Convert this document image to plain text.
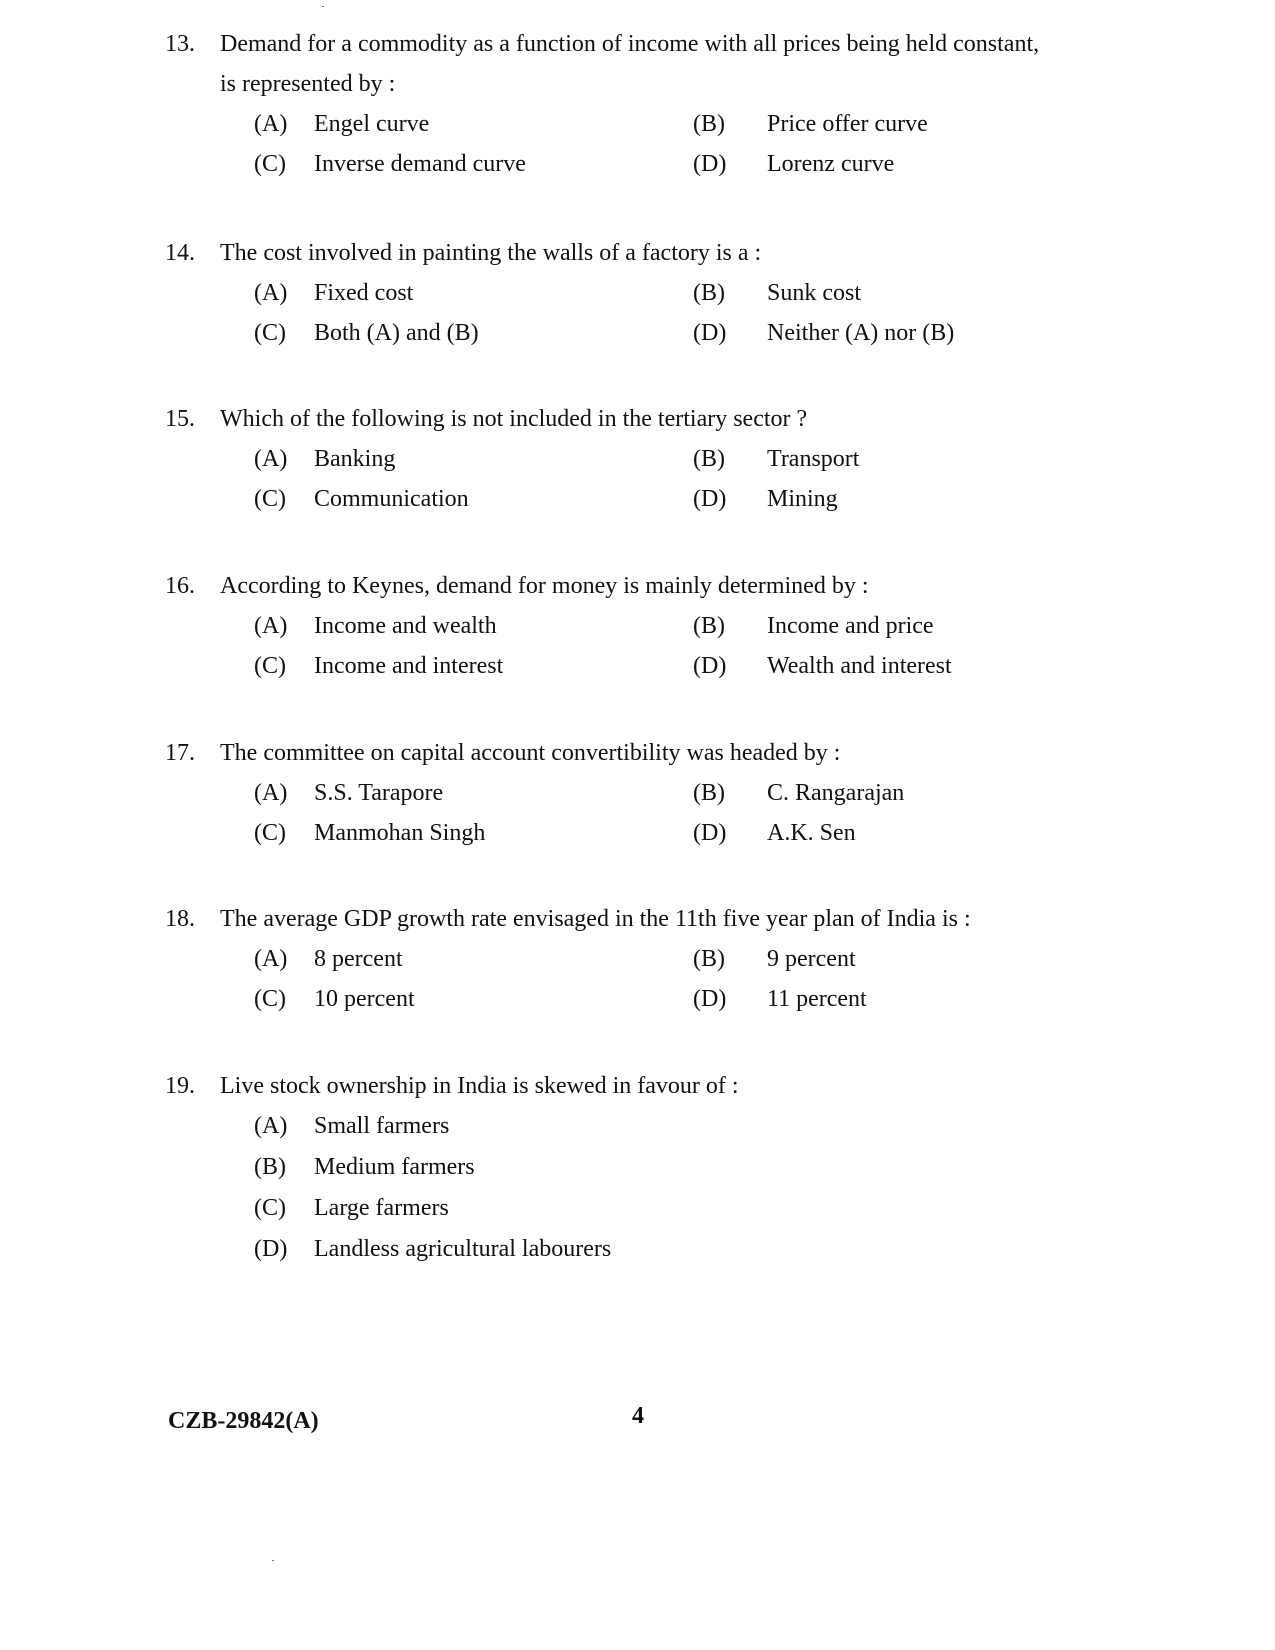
13. Demand for a commodity as a function of income with all prices being held constant,
is represented by :
(A) Engel curve	(B) Price offer curve
(C) Inverse demand curve	(D) Lorenz curve
14. The cost involved in painting the walls of a factory is a :
(A) Fixed cost	(B) Sunk cost
(C) Both (A) and (B)	(D) Neither (A) nor (B)
15. Which of the following is not included in the tertiary sector ?
(A) Banking	(B) Transport
(C) Communication	(D) Mining
16. According to Keynes, demand for money is mainly determined by :
(A) Income and wealth	(B) Income and price
(C) Income and interest	(D) Wealth and interest
17. The committee on capital account convertibility was headed by :
(A) S.S. Tarapore	(B) C. Rangarajan
(C) Manmohan Singh	(D) A.K. Sen
18. The average GDP growth rate envisaged in the 11th five year plan of India is :
(A) 8 percent	(B) 9 percent
(C) 10 percent	(D) 11 percent
19. Live stock ownership in India is skewed in favour of :
(A) Small farmers
(B) Medium farmers
(C) Large farmers
(D) Landless agricultural labourers
CZB-29842(A)	4
